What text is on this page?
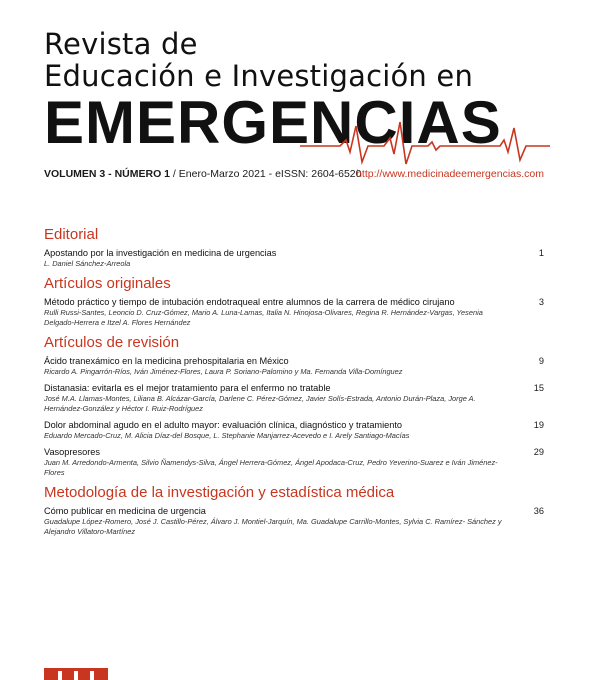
Revista de
Educación e Investigación en
EMERGENCIAS
VOLUMEN 3 - NÚMERO 1 / Enero-Marzo 2021 - eISSN: 2604-6520
http://www.medicinadeemergencias.com
Editorial
Apostando por la investigación en medicina de urgencias	1
L. Daniel Sánchez-Arreola
Artículos originales
Método práctico y tiempo de intubación endotraqueal entre alumnos de la carrera de médico cirujano	3
Rulli Russi-Santes, Leoncio D. Cruz-Gómez, Mario A. Luna-Lamas, Italia N. Hinojosa-Olivares, Regina R. Hernández-Vargas, Yesenia Delgado-Herrera e Itzel A. Flores Hernández
Artículos de revisión
Ácido tranexámico en la medicina prehospitalaria en México	9
Ricardo A. Pingarrón-Ríos, Iván Jiménez-Flores, Laura P. Soriano-Palomino y Ma. Fernanda Villa-Domínguez
Distanasia: evitarla es el mejor tratamiento para el enfermo no tratable	15
José M.A. Llamas-Montes, Liliana B. Alcázar-García, Darlene C. Pérez-Gómez, Javier Solís-Estrada, Antonio Durán-Plaza, Jorge A. Hernández-González y Héctor I. Ruiz-Rodríguez
Dolor abdominal agudo en el adulto mayor: evaluación clínica, diagnóstico y tratamiento	19
Eduardo Mercado-Cruz, M. Alicia Díaz-del Bosque, L. Stephanie Manjarrez-Acevedo e I. Arely Santiago-Macías
Vasopresores	29
Juan M. Arredondo-Armenta, Silvio Ñamendys-Silva, Ángel Herrera-Gómez, Ángel Apodaca-Cruz, Pedro Yeverino-Suarez e Iván Jiménez-Flores
Metodología de la investigación y estadística médica
Cómo publicar en medicina de urgencia	36
Guadalupe López-Romero, José J. Castillo-Pérez, Álvaro J. Montiel-Jarquín, Ma. Guadalupe Carrillo-Montes, Sylvia C. Ramírez- Sánchez y Alejandro Villatoro-Martínez
